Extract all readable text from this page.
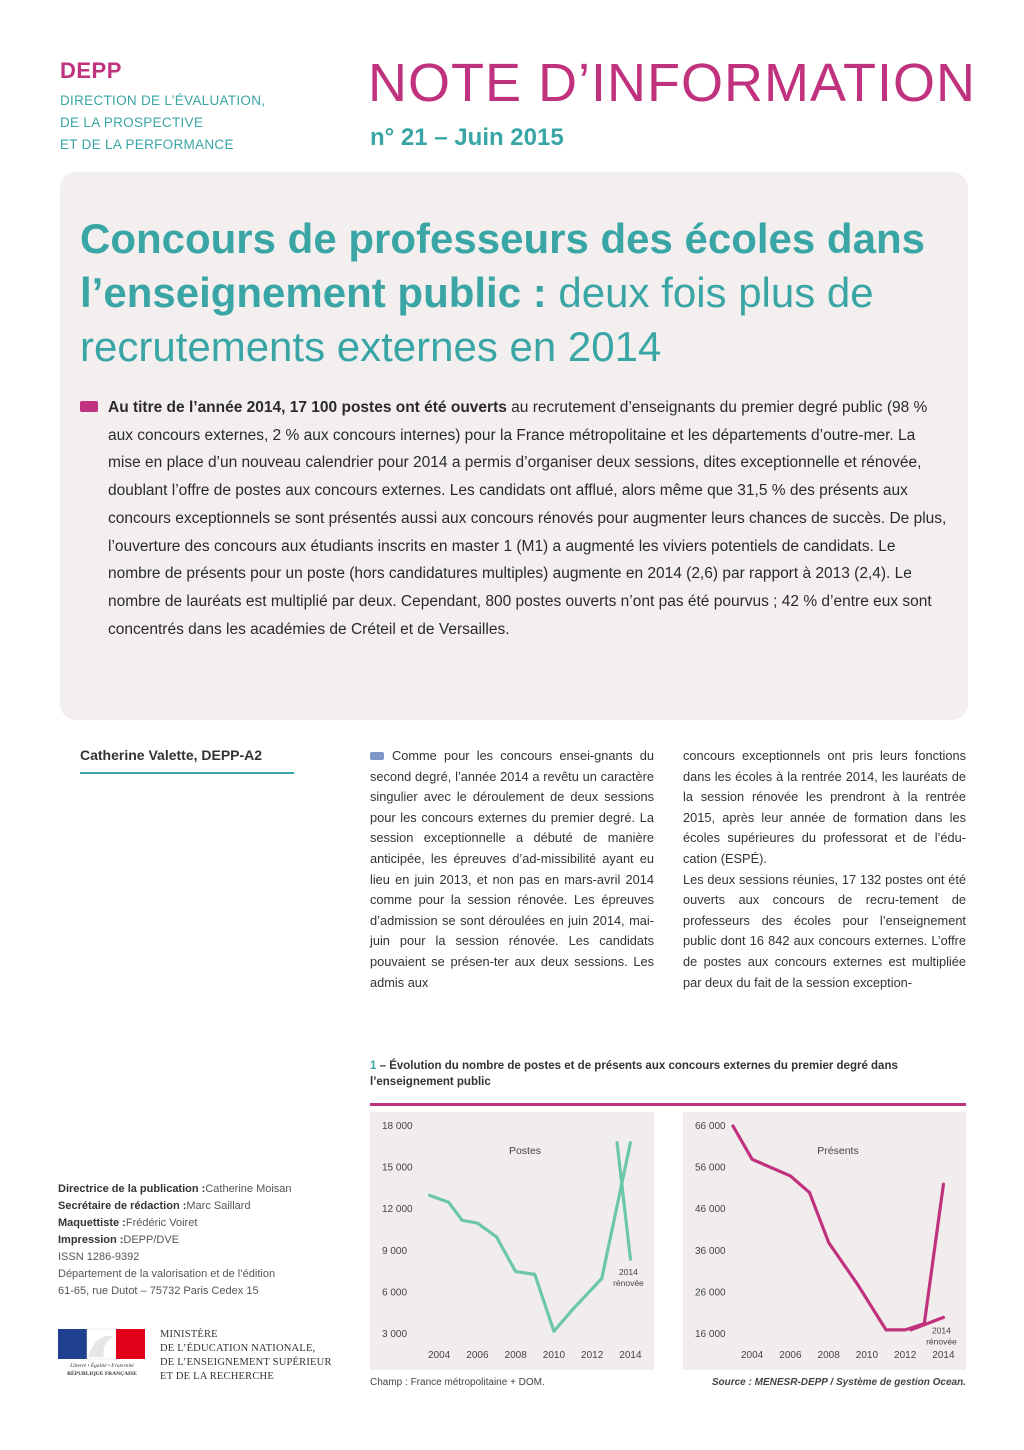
DEPP
DIRECTION DE L’ÉVALUATION,
DE LA PROSPECTIVE
ET DE LA PERFORMANCE
NOTE D’INFORMATION
n° 21 – Juin 2015
Concours de professeurs des écoles dans l’enseignement public : deux fois plus de recrutements externes en 2014
Au titre de l’année 2014, 17 100 postes ont été ouverts au recrutement d’enseignants du premier degré public (98 % aux concours externes, 2 % aux concours internes) pour la France métropolitaine et les départements d’outre-mer. La mise en place d’un nouveau calendrier pour 2014 a permis d’organiser deux sessions, dites exceptionnelle et rénovée, doublant l’offre de postes aux concours externes. Les candidats ont afflué, alors même que 31,5 % des présents aux concours exceptionnels se sont présentés aussi aux concours rénovés pour augmenter leurs chances de succès. De plus, l’ouverture des concours aux étudiants inscrits en master 1 (M1) a augmenté les viviers potentiels de candidats. Le nombre de présents pour un poste (hors candidatures multiples) augmente en 2014 (2,6) par rapport à 2013 (2,4). Le nombre de lauréats est multiplié par deux. Cependant, 800 postes ouverts n’ont pas été pourvus ; 42 % d’entre eux sont concentrés dans les académies de Créteil et de Versailles.
Catherine Valette, DEPP-A2	Comme pour les concours ensei-gnants du second degré, l’année 2014 a revêtu un caractère singulier avec le déroulement de deux sessions pour les concours externes du premier degré. La session exceptionnelle a débuté de manière anticipée, les épreuves d’ad-missibilité ayant eu lieu en juin 2013, et non pas en mars-avril 2014 comme pour la session rénovée. Les épreuves d’admission se sont déroulées en juin 2014, mai-juin pour la session rénovée. Les candidats pouvaient se présen-ter aux deux sessions. Les admis aux
concours exceptionnels ont pris leurs fonctions dans les écoles à la rentrée 2014, les lauréats de la session rénovée les prendront à la rentrée 2015, après leur année de formation dans les écoles supérieures du professorat et de l’édu-cation (ESPÉ).
Les deux sessions réunies, 17 132 postes ont été ouverts aux concours de recru-tement de professeurs des écoles pour l’enseignement public dont 16 842 aux concours externes. L’offre de postes aux concours externes est multipliée par deux du fait de la session exception-
1 – Évolution du nombre de postes et de présents aux concours externes du premier degré dans l’enseignement public
18 000
15 000
12 000
9 000
6 000
3 000
2004 2006 2008 2010 2012 2014
Postes
2014
rénovée
66 000
56 000
46 000
36 000
26 000
16 000
2004 2006 2008 2010 2012 2014
Présents
2014
rénovée
Champ : France métropolitaine + DOM.	Source : MENESR-DEPP / Système de gestion Ocean.
Directrice de la publication :Catherine Moisan
Secrétaire de rédaction :Marc Saillard
Maquettiste :Frédéric Voiret
Impression :DEPP/DVE
ISSN 1286-9392
Département de la valorisation et de l’édition
61-65, rue Dutot – 75732 Paris Cedex 15
Liberté • Égalité • Fraternité
RÉPUBLIQUE FRANÇAISE
MINISTÈRE
DE L’ÉDUCATION NATIONALE,
DE L’ENSEIGNEMENT SUPÉRIEUR
ET DE LA RECHERCHE
